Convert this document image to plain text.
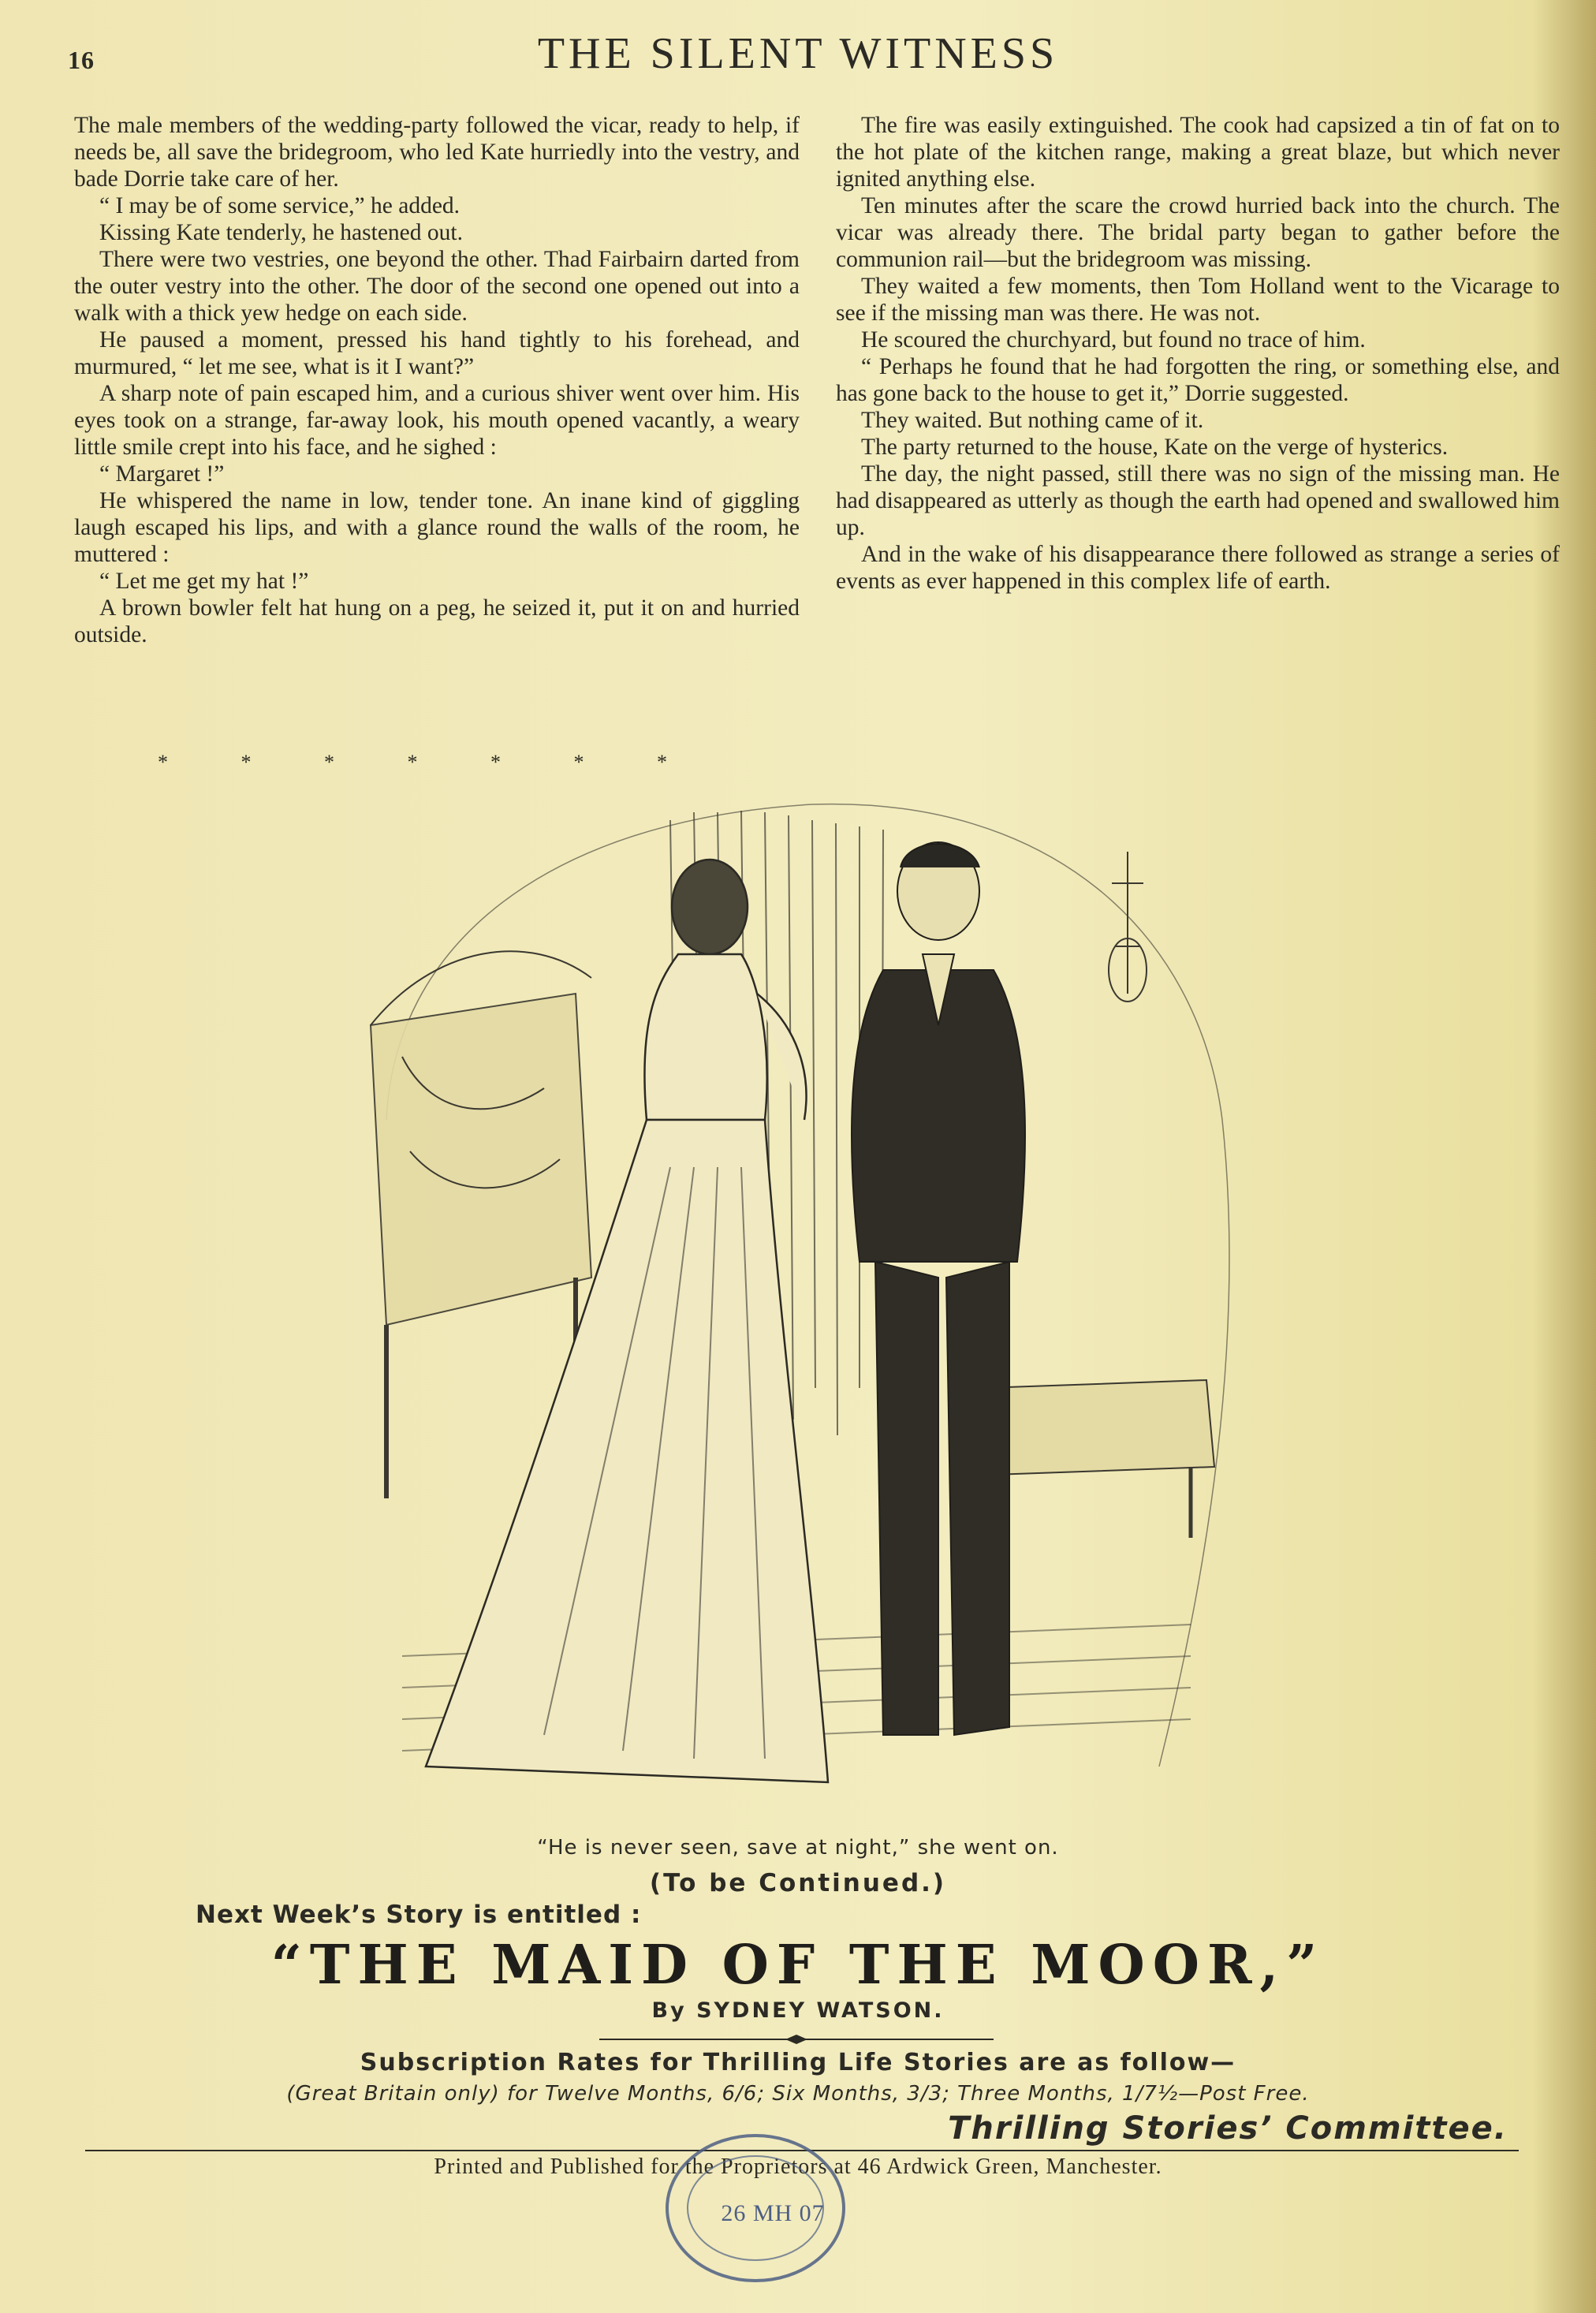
16	THE SILENT WITNESS

The male members of the wedding-party followed the vicar, ready to help, if needs be, all save the bridegroom, who led Kate hurriedly into the vestry, and bade Dorrie take care of her.

“ I may be of some service,” he added.

Kissing Kate tenderly, he hastened out.

There were two vestries, one beyond the other. Thad Fairbairn darted from the outer vestry into the other. The door of the second one opened out into a walk with a thick yew hedge on each side.

He paused a moment, pressed his hand tightly to his forehead, and murmured, “ let me see, what is it I want?”

A sharp note of pain escaped him, and a curious shiver went over him. His eyes took on a strange, far-away look, his mouth opened vacantly, a weary little smile crept into his face, and he sighed :

“ Margaret !”

He whispered the name in low, tender tone. An inane kind of giggling laugh escaped his lips, and with a glance round the walls of the room, he muttered :

“ Let me get my hat !”

A brown bowler felt hat hung on a peg, he seized it, put it on and hurried outside.

* * * * * * *

The fire was easily extinguished. The cook had capsized a tin of fat on to the hot plate of the kitchen range, making a great blaze, but which never ignited anything else.

Ten minutes after the scare the crowd hurried back into the church. The vicar was already there. The bridal party began to gather before the communion rail—but the bridegroom was missing.

They waited a few moments, then Tom Holland went to the Vicarage to see if the missing man was there. He was not.

He scoured the churchyard, but found no trace of him.

“ Perhaps he found that he had forgotten the ring, or something else, and has gone back to the house to get it,” Dorrie suggested.

They waited. But nothing came of it.

The party returned to the house, Kate on the verge of hysterics.

The day, the night passed, still there was no sign of the missing man. He had disappeared as utterly as though the earth had opened and swallowed him up.

And in the wake of his disappearance there followed as strange a series of events as ever happened in this complex life of earth.

“He is never seen, save at night,” she went on.
(To be Continued.)
Next Week’s Story is entitled :
“THE MAID OF THE MOOR,”
By SYDNEY WATSON.
Subscription Rates for Thrilling Life Stories are as follow—
(Great Britain only) for Twelve Months, 6/6; Six Months, 3/3; Three Months, 1/7½—Post Free.
Thrilling Stories’ Committee.
Printed and Published for the Proprietors at 46 Ardwick Green, Manchester.
26 MH 07
